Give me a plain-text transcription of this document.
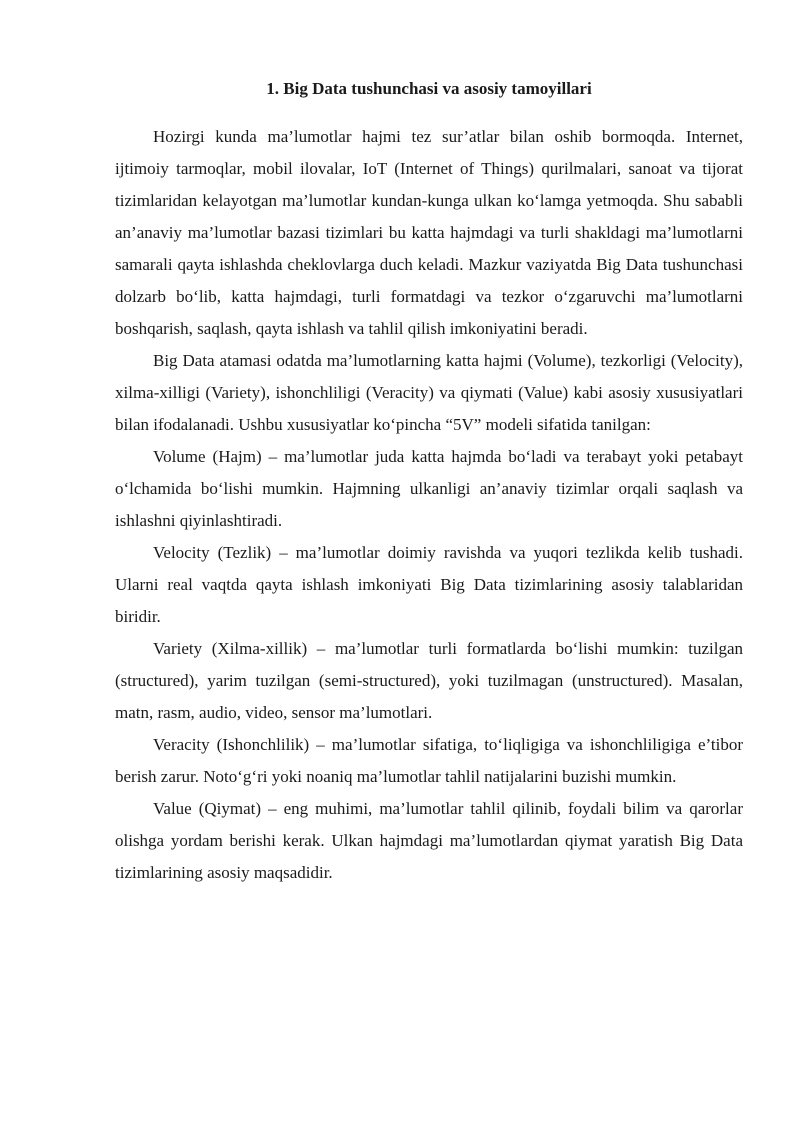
1. Big Data tushunchasi va asosiy tamoyillari

Hozirgi kunda ma’lumotlar hajmi tez sur’atlar bilan oshib bormoqda. Internet, ijtimoiy tarmoqlar, mobil ilovalar, IoT (Internet of Things) qurilmalari, sanoat va tijorat tizimlaridan kelayotgan ma’lumotlar kundan-kunga ulkan ko‘lamga yetmoqda. Shu sababli an’anaviy ma’lumotlar bazasi tizimlari bu katta hajmdagi va turli shakldagi ma’lumotlarni samarali qayta ishlashda cheklovlarga duch keladi. Mazkur vaziyatda Big Data tushunchasi dolzarb bo‘lib, katta hajmdagi, turli formatdagi va tezkor o‘zgaruvchi ma’lumotlarni boshqarish, saqlash, qayta ishlash va tahlil qilish imkoniyatini beradi.

Big Data atamasi odatda ma’lumotlarning katta hajmi (Volume), tezkorligi (Velocity), xilma-xilligi (Variety), ishonchliligi (Veracity) va qiymati (Value) kabi asosiy xususiyatlari bilan ifodalanadi. Ushbu xususiyatlar ko‘pincha “5V” modeli sifatida tanilgan:

Volume (Hajm) – ma’lumotlar juda katta hajmda bo‘ladi va terabayt yoki petabayt o‘lchamida bo‘lishi mumkin. Hajmning ulkanligi an’anaviy tizimlar orqali saqlash va ishlashni qiyinlashtiradi.

Velocity (Tezlik) – ma’lumotlar doimiy ravishda va yuqori tezlikda kelib tushadi. Ularni real vaqtda qayta ishlash imkoniyati Big Data tizimlarining asosiy talablaridan biridir.

Variety (Xilma-xillik) – ma’lumotlar turli formatlarda bo‘lishi mumkin: tuzilgan (structured), yarim tuzilgan (semi-structured), yoki tuzilmagan (unstructured). Masalan, matn, rasm, audio, video, sensor ma’lumotlari.

Veracity (Ishonchlilik) – ma’lumotlar sifatiga, to‘liqligiga va ishonchliligiga e’tibor berish zarur. Noto‘g‘ri yoki noaniq ma’lumotlar tahlil natijalarini buzishi mumkin.

Value (Qiymat) – eng muhimi, ma’lumotlar tahlil qilinib, foydali bilim va qarorlar olishga yordam berishi kerak. Ulkan hajmdagi ma’lumotlardan qiymat yaratish Big Data tizimlarining asosiy maqsadidir.
